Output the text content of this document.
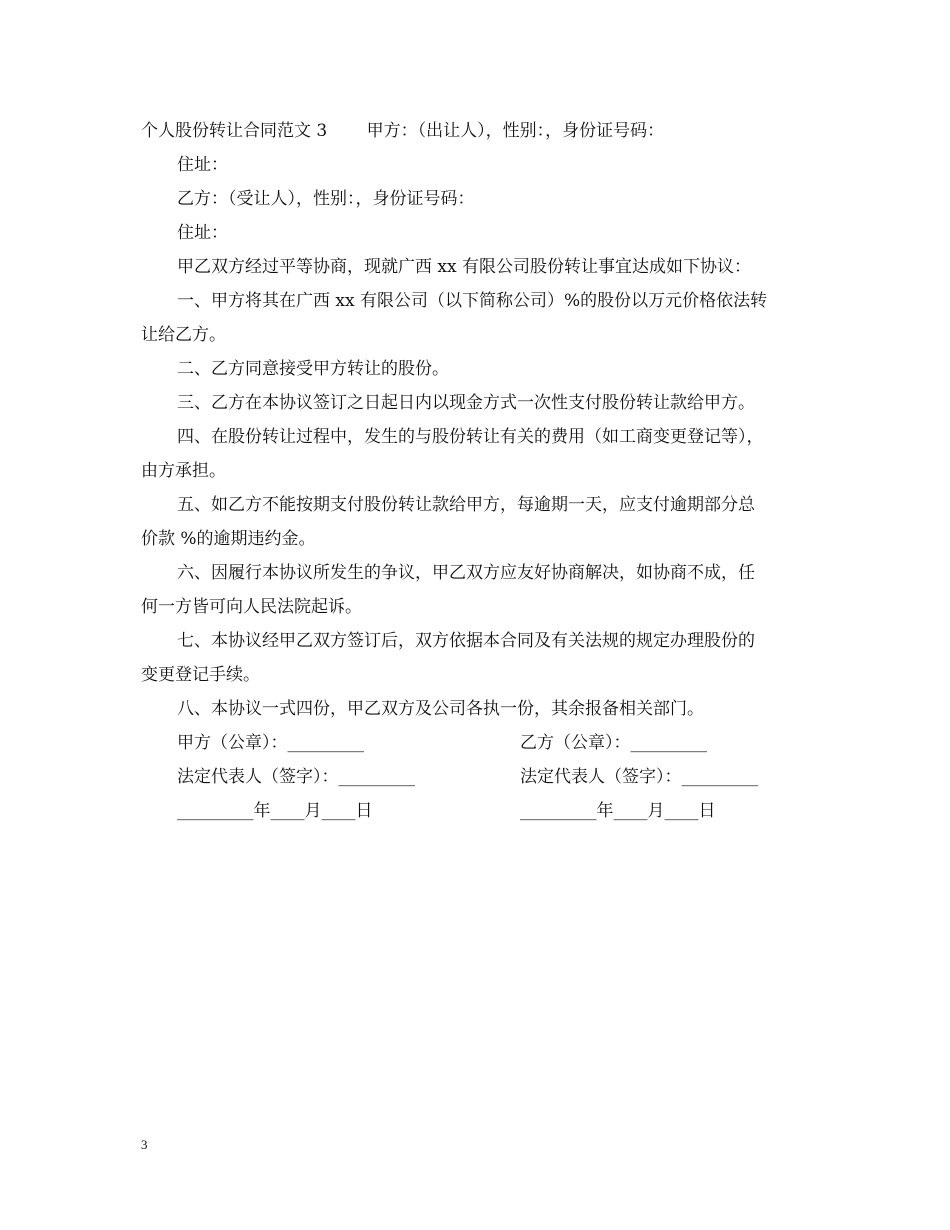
个人股份转让合同范文 3　　 甲方：（出让人），性别：，身份证号码：
住址：
乙方：（受让人），性别：，身份证号码：
住址：
甲乙双方经过平等协商，现就广西 xx 有限公司股份转让事宜达成如下协议：
一、甲方将其在广西 xx 有限公司（以下简称公司）%的股份以万元价格依法转
让给乙方。
二、乙方同意接受甲方转让的股份。
三、乙方在本协议签订之日起日内以现金方式一次性支付股份转让款给甲方。
四、在股份转让过程中，发生的与股份转让有关的费用（如工商变更登记等），
由方承担。
五、如乙方不能按期支付股份转让款给甲方，每逾期一天，应支付逾期部分总
价款 %的逾期违约金。
六、因履行本协议所发生的争议，甲乙双方应友好协商解决，如协商不成，任
何一方皆可向人民法院起诉。
七、本协议经甲乙双方签订后，双方依据本合同及有关法规的规定办理股份的
变更登记手续。
八、本协议一式四份，甲乙双方及公司各执一份，其余报备相关部门。
甲方（公章）：_________	乙方（公章）：_________
法定代表人（签字）：_________	法定代表人（签字）：_________
_________年____月____日	_________年____月____日
3
